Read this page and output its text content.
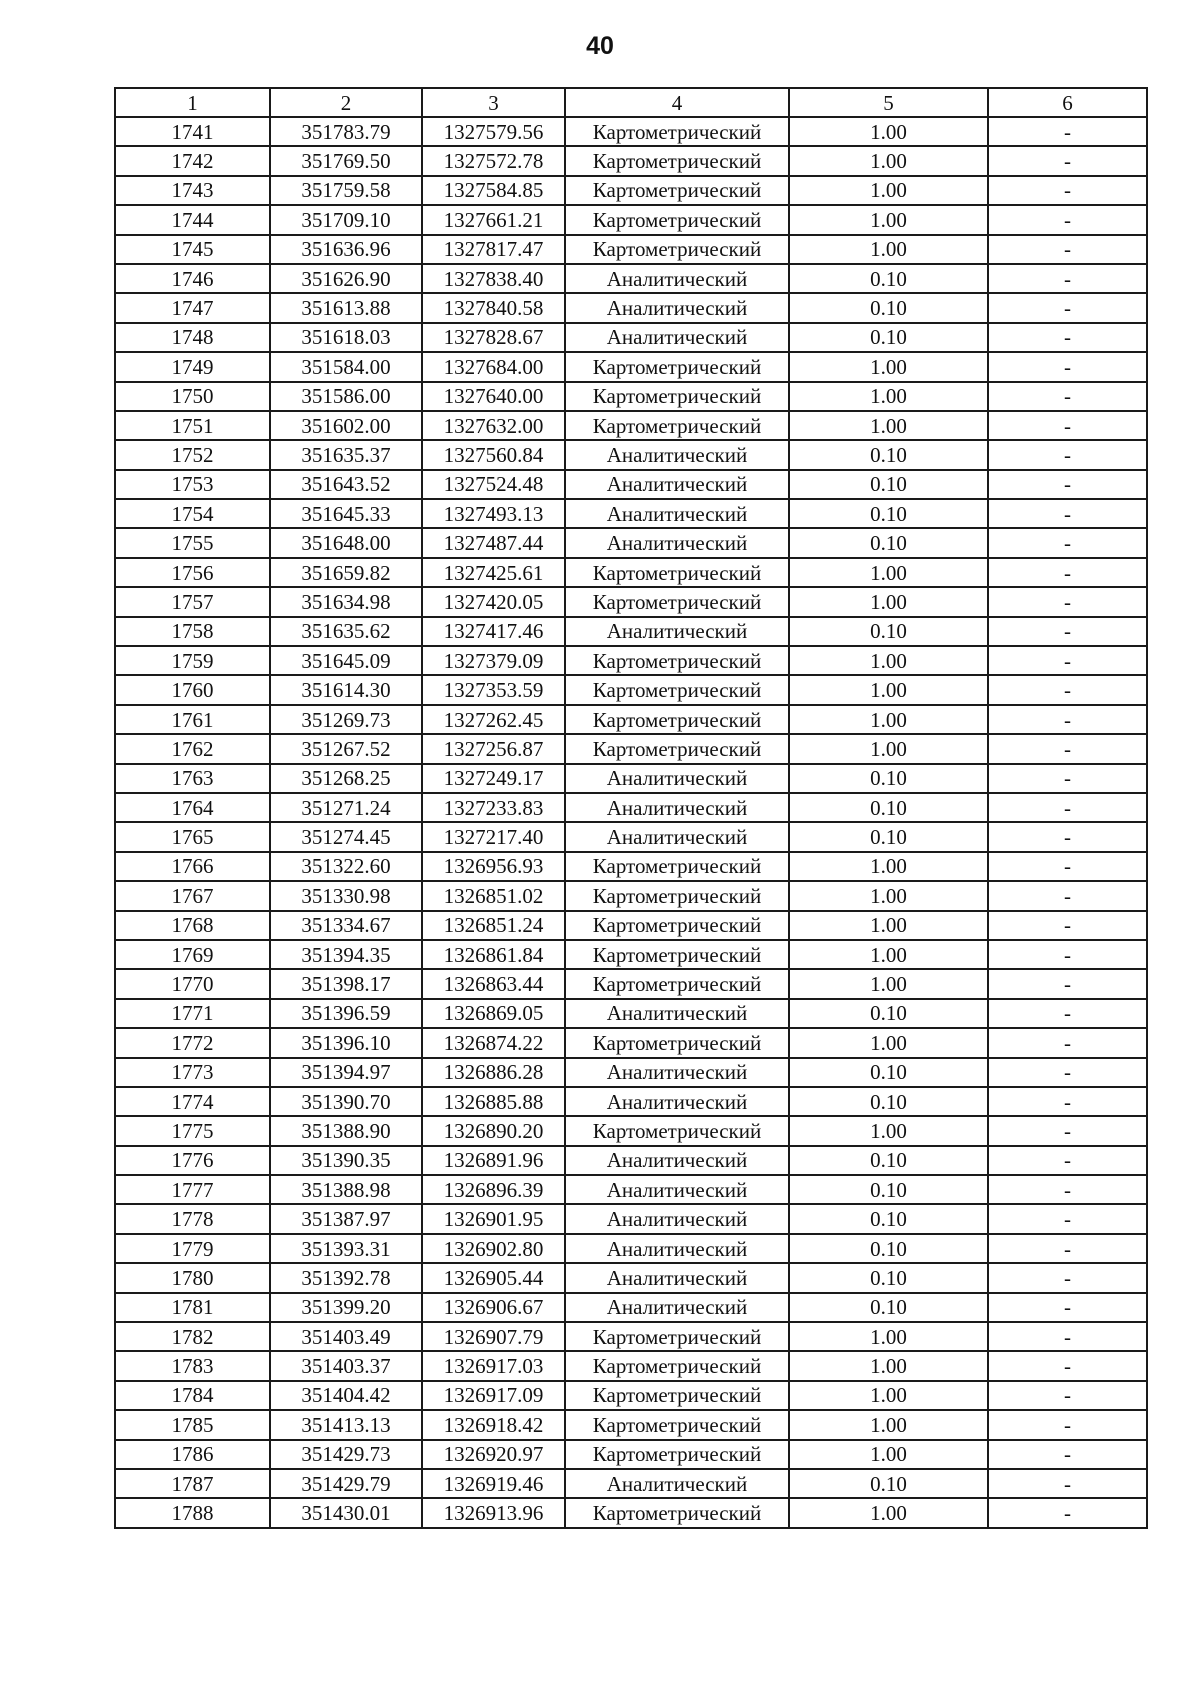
40
1	2	3	4	5	6
1741	351783.79	1327579.56	Картометрический	1.00	-
1742	351769.50	1327572.78	Картометрический	1.00	-
1743	351759.58	1327584.85	Картометрический	1.00	-
1744	351709.10	1327661.21	Картометрический	1.00	-
1745	351636.96	1327817.47	Картометрический	1.00	-
1746	351626.90	1327838.40	Аналитический	0.10	-
1747	351613.88	1327840.58	Аналитический	0.10	-
1748	351618.03	1327828.67	Аналитический	0.10	-
1749	351584.00	1327684.00	Картометрический	1.00	-
1750	351586.00	1327640.00	Картометрический	1.00	-
1751	351602.00	1327632.00	Картометрический	1.00	-
1752	351635.37	1327560.84	Аналитический	0.10	-
1753	351643.52	1327524.48	Аналитический	0.10	-
1754	351645.33	1327493.13	Аналитический	0.10	-
1755	351648.00	1327487.44	Аналитический	0.10	-
1756	351659.82	1327425.61	Картометрический	1.00	-
1757	351634.98	1327420.05	Картометрический	1.00	-
1758	351635.62	1327417.46	Аналитический	0.10	-
1759	351645.09	1327379.09	Картометрический	1.00	-
1760	351614.30	1327353.59	Картометрический	1.00	-
1761	351269.73	1327262.45	Картометрический	1.00	-
1762	351267.52	1327256.87	Картометрический	1.00	-
1763	351268.25	1327249.17	Аналитический	0.10	-
1764	351271.24	1327233.83	Аналитический	0.10	-
1765	351274.45	1327217.40	Аналитический	0.10	-
1766	351322.60	1326956.93	Картометрический	1.00	-
1767	351330.98	1326851.02	Картометрический	1.00	-
1768	351334.67	1326851.24	Картометрический	1.00	-
1769	351394.35	1326861.84	Картометрический	1.00	-
1770	351398.17	1326863.44	Картометрический	1.00	-
1771	351396.59	1326869.05	Аналитический	0.10	-
1772	351396.10	1326874.22	Картометрический	1.00	-
1773	351394.97	1326886.28	Аналитический	0.10	-
1774	351390.70	1326885.88	Аналитический	0.10	-
1775	351388.90	1326890.20	Картометрический	1.00	-
1776	351390.35	1326891.96	Аналитический	0.10	-
1777	351388.98	1326896.39	Аналитический	0.10	-
1778	351387.97	1326901.95	Аналитический	0.10	-
1779	351393.31	1326902.80	Аналитический	0.10	-
1780	351392.78	1326905.44	Аналитический	0.10	-
1781	351399.20	1326906.67	Аналитический	0.10	-
1782	351403.49	1326907.79	Картометрический	1.00	-
1783	351403.37	1326917.03	Картометрический	1.00	-
1784	351404.42	1326917.09	Картометрический	1.00	-
1785	351413.13	1326918.42	Картометрический	1.00	-
1786	351429.73	1326920.97	Картометрический	1.00	-
1787	351429.79	1326919.46	Аналитический	0.10	-
1788	351430.01	1326913.96	Картометрический	1.00	-
